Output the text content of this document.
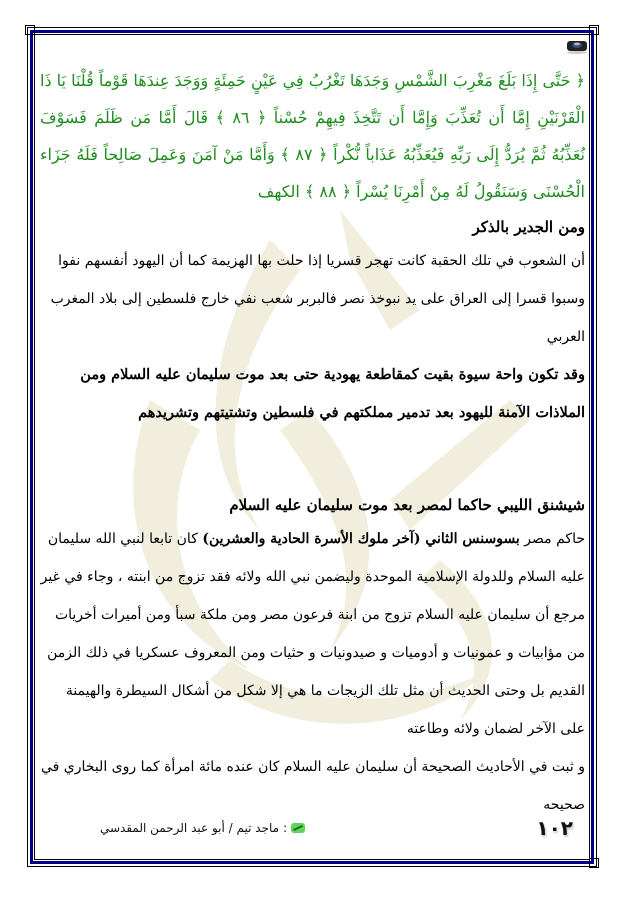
﴿ حَتَّى إِذَا بَلَغَ مَغْرِبَ الشَّمْسِ وَجَدَهَا تَغْرُبُ فِي عَيْنٍ حَمِئَةٍ وَوَجَدَ عِندَهَا قَوْماً قُلْنَا يَا ذَا الْقَرْنَيْنِ إِمَّا أَن تُعَذِّبَ وَإِمَّا أَن تَتَّخِذَ فِيهِمْ حُسْناً ﴿ ٨٦ ﴾ قَالَ أَمَّا مَن ظَلَمَ فَسَوْفَ نُعَذِّبُهُ ثُمَّ يُرَدُّ إِلَى رَبِّهِ فَيُعَذِّبُهُ عَذَاباً نُّكْراً ﴿ ٨٧ ﴾ وَأَمَّا مَنْ آمَنَ وَعَمِلَ صَالِحاً فَلَهُ جَزَاء الْحُسْنَى وَسَنَقُولُ لَهُ مِنْ أَمْرِنَا يُسْراً ﴿ ٨٨ ﴾ الكهف

ومن الجدير بالذكر

أن الشعوب في تلك الحقبة كانت تهجر قسريا إذا حلت بها الهزيمة كما أن اليهود أنفسهم نفوا وسبوا قسرا إلى العراق على يد نبوخذ نصر فالبربر شعب نفي خارج فلسطين إلى بلاد المغرب العربي

وقد تكون واحة سيوة بقيت كمقاطعة يهودية حتى بعد موت سليمان عليه السلام ومن الملاذات الآمنة لليهود بعد تدمير مملكتهم في فلسطين وتشتيتهم وتشريدهم

شيشنق الليبي حاكما لمصر بعد موت سليمان عليه السلام

حاكم مصر بسوسنس الثاني (آخر ملوك الأسرة الحادية والعشرين) كان تابعا لنبي الله سليمان عليه السلام وللدولة الإسلامية الموحدة وليضمن نبي الله ولائه فقد تزوج من ابنته ، وجاء في غير مرجع أن سليمان عليه السلام تزوج من ابنة فرعون مصر ومن ملكة سبأ ومن أميرات أخريات من مؤابيات و عمونيات و أدوميات و صيدونيات و حثيات ومن المعروف عسكريا في ذلك الزمن القديم بل وحتى الحديث أن مثل تلك الزيجات ما هي إلا شكل من أشكال السيطرة والهيمنة على الآخر لضمان ولائه وطاعته

و ثبت في الأحاديث الصحيحة أن سليمان عليه السلام كان عنده مائة امرأة كما روى البخاري في صحيحه

١٠٢
:
ماجد تيم / أبو عبد الرحمن المقدسي
